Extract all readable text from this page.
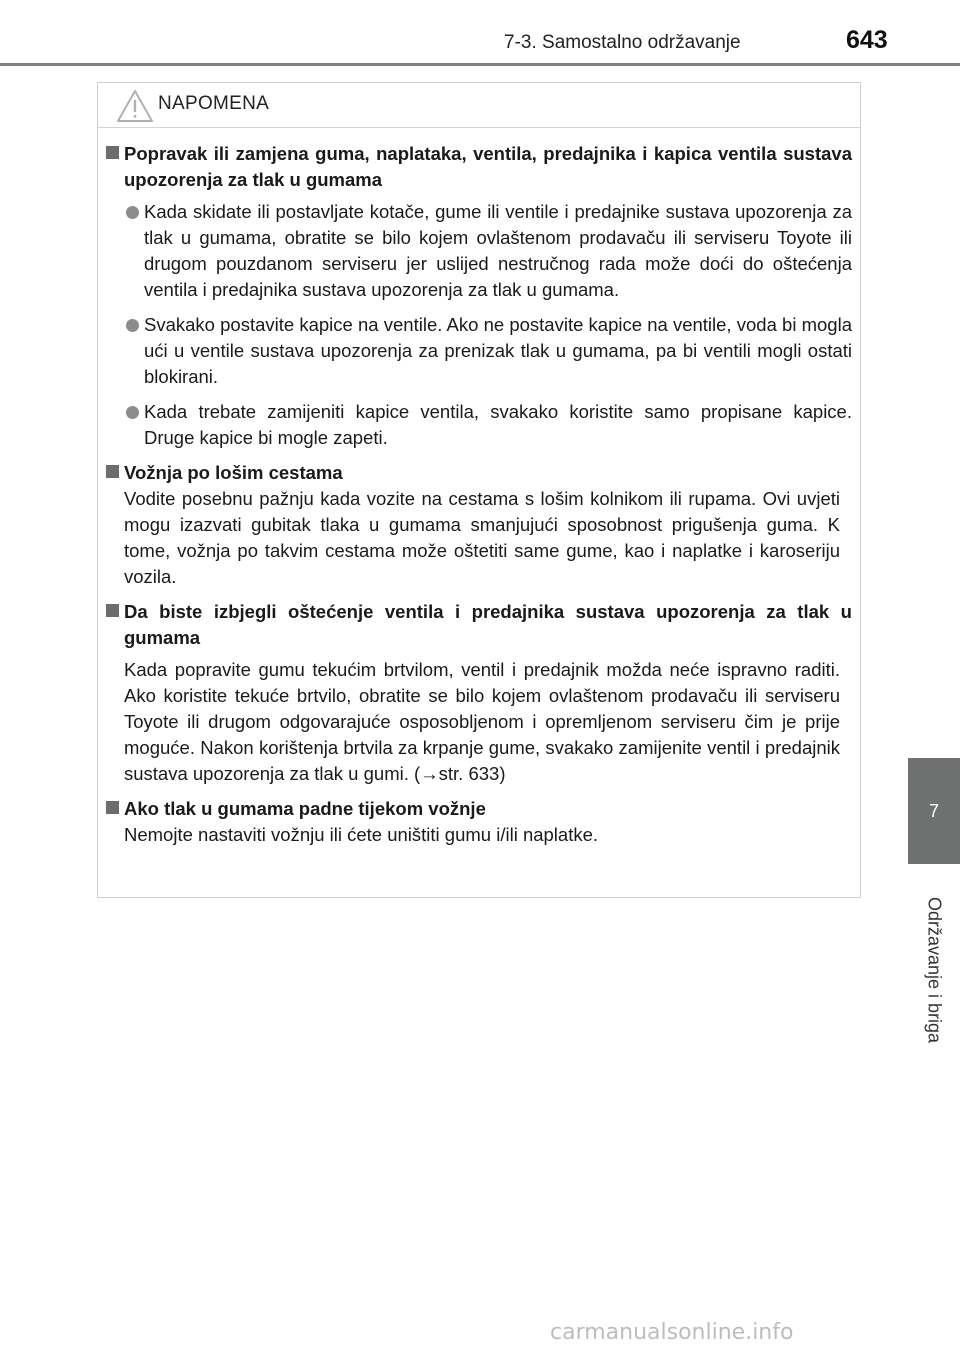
7-3. Samostalno održavanje	643
7
Održavanje i briga
NAPOMENA
Popravak ili zamjena guma, naplataka, ventila, predajnika i kapica ventila sustava upozorenja za tlak u gumama
Kada skidate ili postavljate kotače, gume ili ventile i predajnike sustava upozorenja za tlak u gumama, obratite se bilo kojem ovlaštenom prodavaču ili serviseru Toyote ili drugom pouzdanom serviseru jer uslijed nestručnog rada može doći do oštećenja ventila i predajnika sustava upozorenja za tlak u gumama.
Svakako postavite kapice na ventile. Ako ne postavite kapice na ventile, voda bi mogla ući u ventile sustava upozorenja za prenizak tlak u gumama, pa bi ventili mogli ostati blokirani.
Kada trebate zamijeniti kapice ventila, svakako koristite samo propisane kapice. Druge kapice bi mogle zapeti.
Vožnja po lošim cestama
Vodite posebnu pažnju kada vozite na cestama s lošim kolnikom ili rupama. Ovi uvjeti mogu izazvati gubitak tlaka u gumama smanjujući sposobnost prigušenja guma. K tome, vožnja po takvim cestama može oštetiti same gume, kao i naplatke i karoseriju vozila.
Da biste izbjegli oštećenje ventila i predajnika sustava upozorenja za tlak u gumama
Kada popravite gumu tekućim brtvilom, ventil i predajnik možda neće ispravno raditi. Ako koristite tekuće brtvilo, obratite se bilo kojem ovlaštenom prodavaču ili serviseru Toyote ili drugom odgovarajuće osposobljenom i opremljenom serviseru čim je prije moguće. Nakon korištenja brtvila za krpanje gume, svakako zamijenite ventil i predajnik sustava upozorenja za tlak u gumi. (→str. 633)
Ako tlak u gumama padne tijekom vožnje
Nemojte nastaviti vožnju ili ćete uništiti gumu i/ili naplatke.
carmanualsonline.info
